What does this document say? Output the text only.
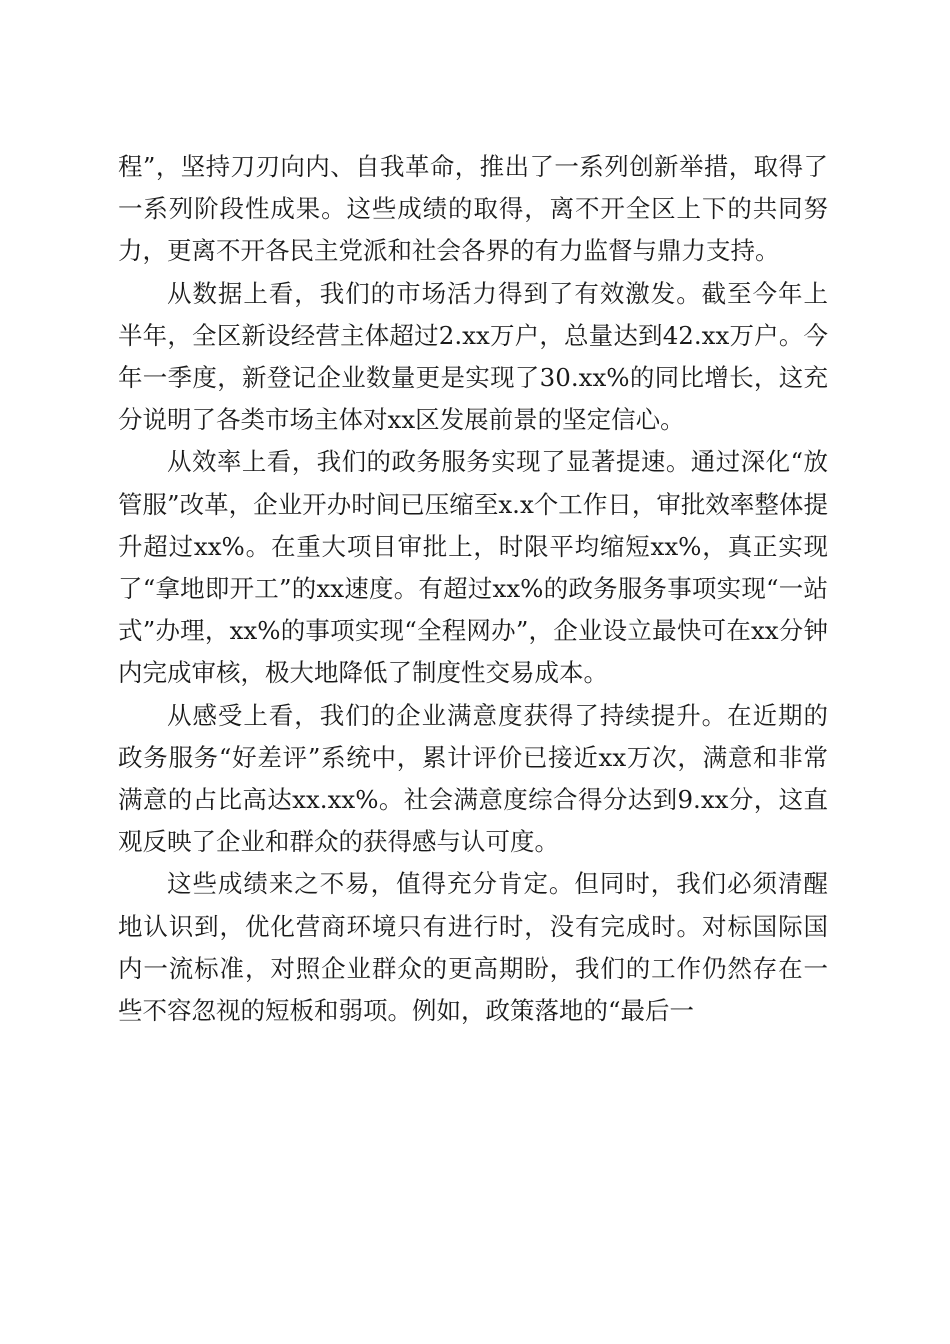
程”，坚持刀刃向内、自我革命，推出了一系列创新举措，取得了一系列阶段性成果。这些成绩的取得，离不开全区上下的共同努力，更离不开各民主党派和社会各界的有力监督与鼎力支持。

从数据上看，我们的市场活力得到了有效激发。截至今年上半年，全区新设经营主体超过2.xx万户，总量达到42.xx万户。今年一季度，新登记企业数量更是实现了30.xx%的同比增长，这充分说明了各类市场主体对xx区发展前景的坚定信心。

从效率上看，我们的政务服务实现了显著提速。通过深化“放管服”改革，企业开办时间已压缩至x.x个工作日，审批效率整体提升超过xx%。在重大项目审批上，时限平均缩短xx%，真正实现了“拿地即开工”的xx速度。有超过xx%的政务服务事项实现“一站式”办理，xx%的事项实现“全程网办”，企业设立最快可在xx分钟内完成审核，极大地降低了制度性交易成本。

从感受上看，我们的企业满意度获得了持续提升。在近期的政务服务“好差评”系统中，累计评价已接近xx万次，满意和非常满意的占比高达xx.xx%。社会满意度综合得分达到9.xx分，这直观反映了企业和群众的获得感与认可度。

这些成绩来之不易，值得充分肯定。但同时，我们必须清醒地认识到，优化营商环境只有进行时，没有完成时。对标国际国内一流标准，对照企业群众的更高期盼，我们的工作仍然存在一些不容忽视的短板和弱项。例如，政策落地的“最后一
